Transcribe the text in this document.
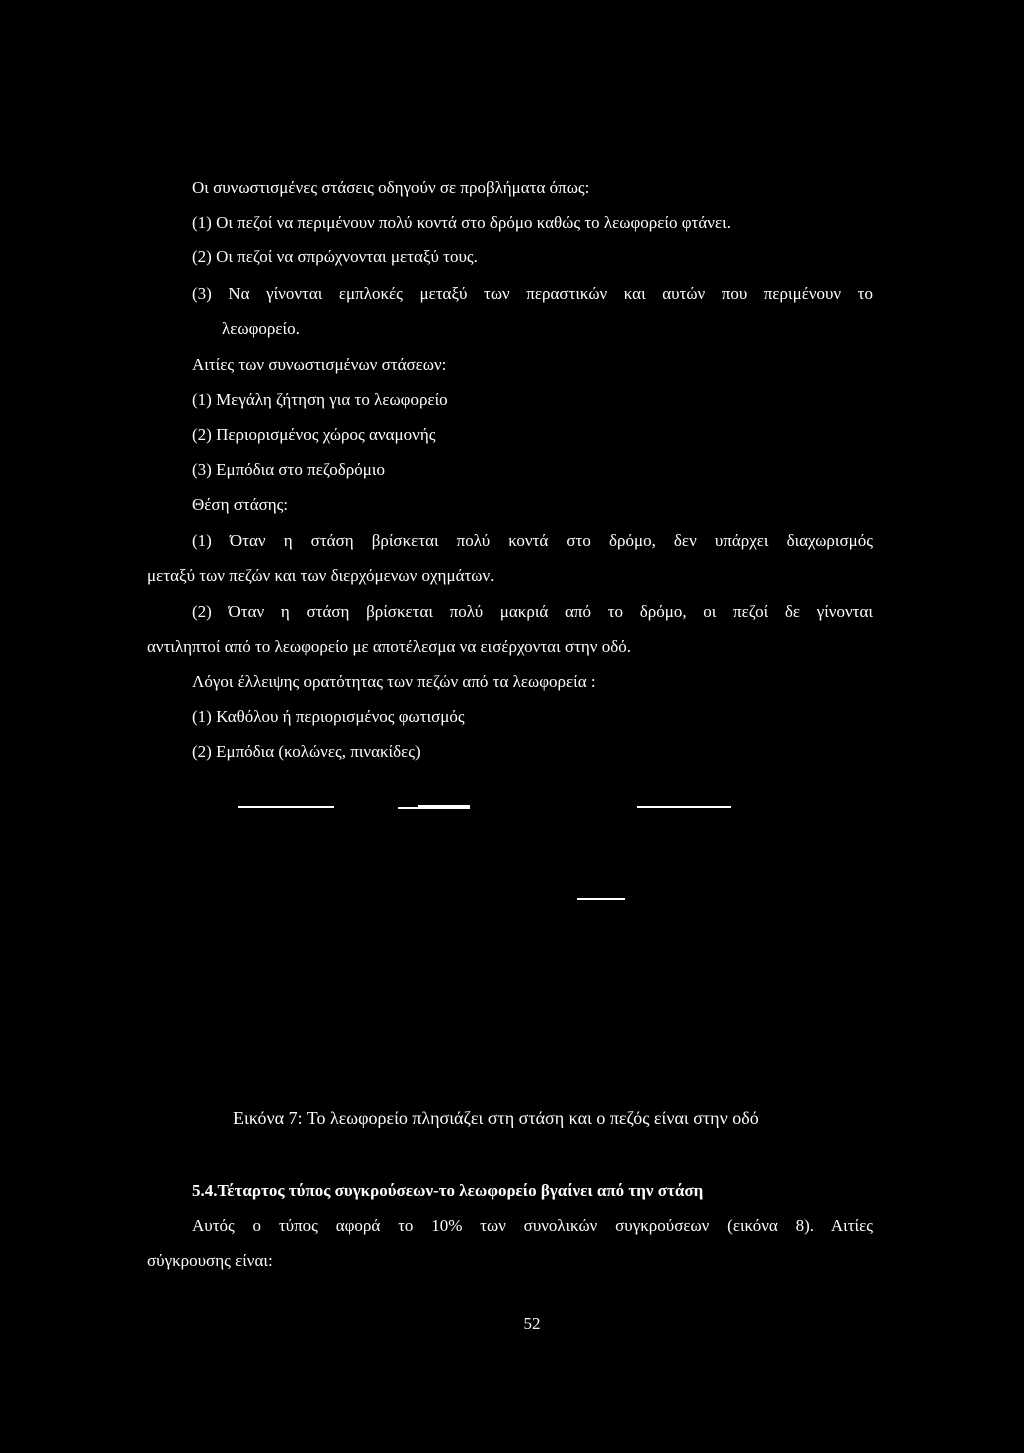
Οι συνωστισμένες στάσεις οδηγούν σε προβλήματα όπως:
(1) Οι πεζοί να περιμένουν πολύ κοντά στο δρόμο καθώς το λεωφορείο φτάνει.
(2) Οι πεζοί να σπρώχνονται μεταξύ τους.
(3) Να γίνονται εμπλοκές μεταξύ των περαστικών και αυτών που περιμένουν το
λεωφορείο.
Αιτίες των συνωστισμένων στάσεων:
(1) Μεγάλη ζήτηση για το λεωφορείο
(2) Περιορισμένος χώρος αναμονής
(3) Εμπόδια στο πεζοδρόμιο
Θέση στάσης:
(1) Όταν η στάση βρίσκεται πολύ κοντά στο δρόμο, δεν υπάρχει διαχωρισμός
μεταξύ των πεζών και των διερχόμενων οχημάτων.
(2) Όταν η στάση βρίσκεται πολύ μακριά από το δρόμο, οι πεζοί δε γίνονται
αντιληπτοί από το λεωφορείο με αποτέλεσμα να εισέρχονται στην οδό.
Λόγοι έλλειψης ορατότητας των πεζών από τα λεωφορεία :
(1) Καθόλου ή περιορισμένος φωτισμός
(2) Εμπόδια (κολώνες, πινακίδες)
Εικόνα 7: Το λεωφορείο πλησιάζει στη στάση και ο πεζός είναι στην οδό
5.4.Τέταρτος τύπος συγκρούσεων-το λεωφορείο βγαίνει από την στάση
Αυτός ο τύπος αφορά το 10% των συνολικών συγκρούσεων (εικόνα 8). Αιτίες
σύγκρουσης είναι:
52
